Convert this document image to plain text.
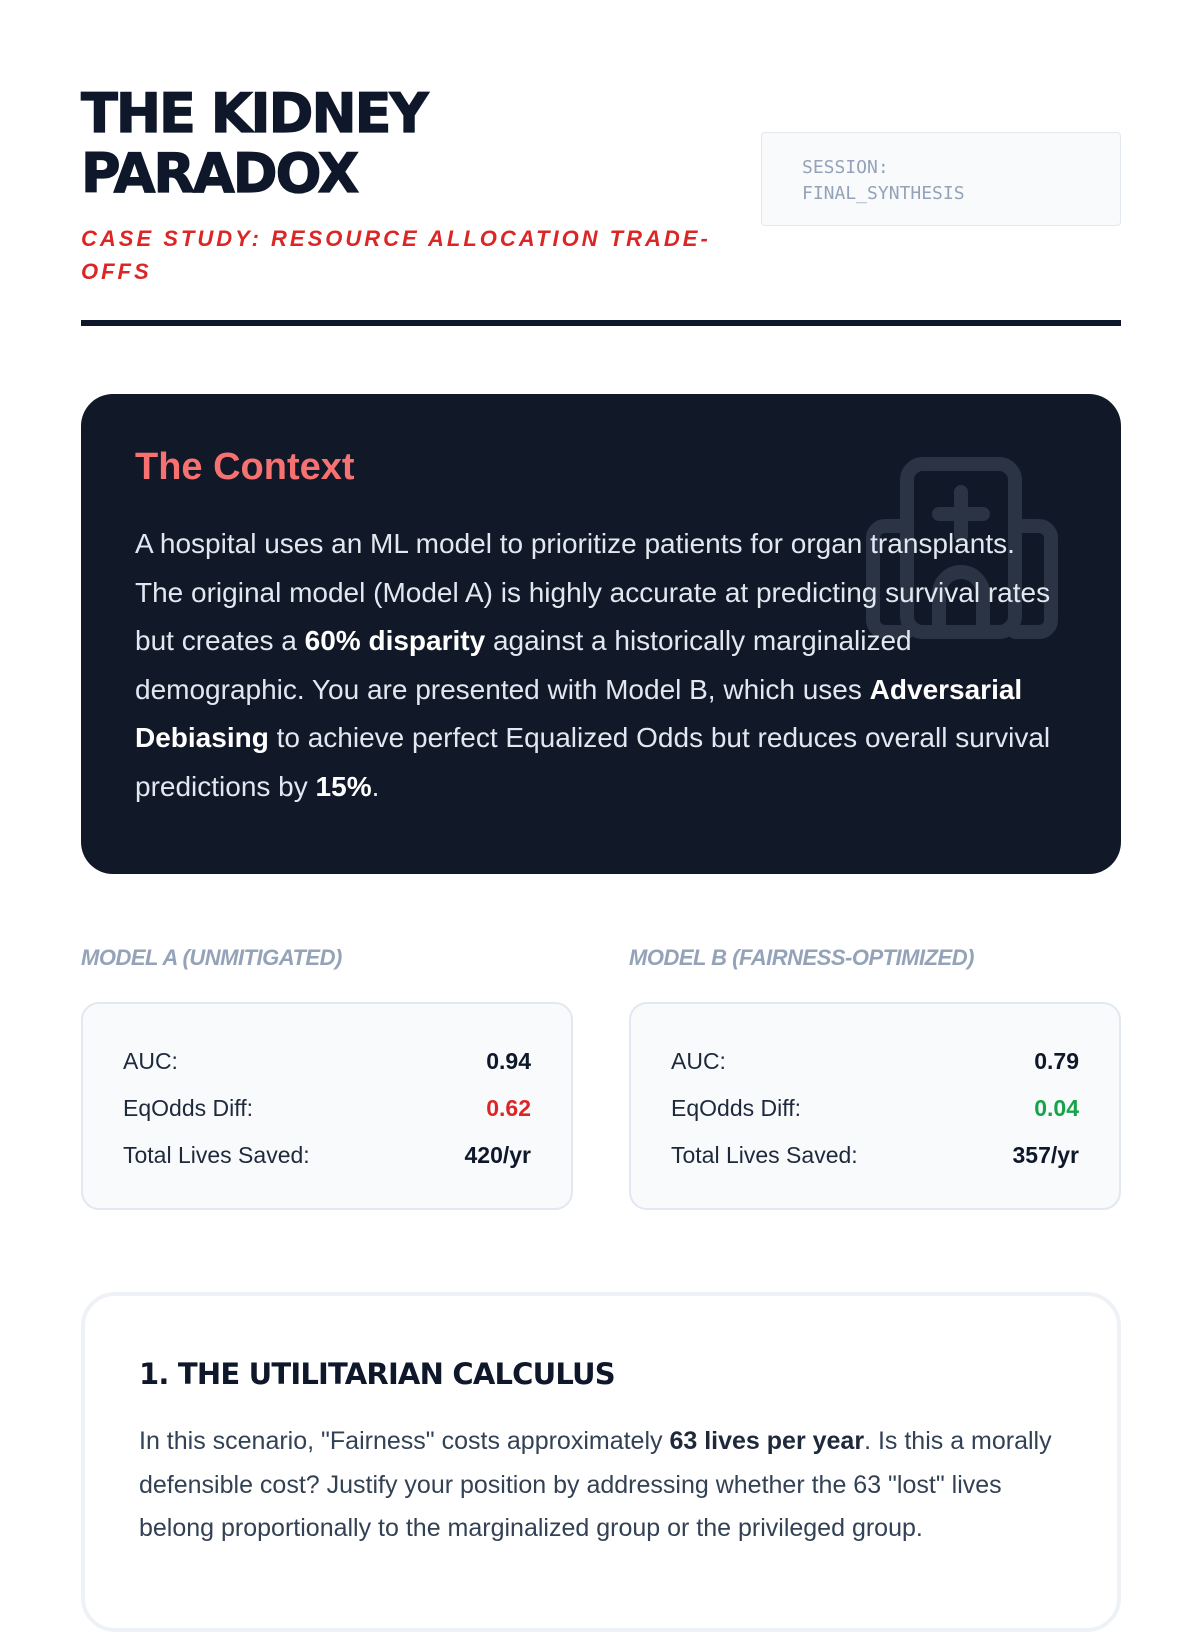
THE KIDNEY
PARADOX
CASE STUDY: RESOURCE ALLOCATION TRADE-OFFS
SESSION:
FINAL_SYNTHESIS
The Context

A hospital uses an ML model to prioritize patients for organ transplants. The original model (Model A) is highly accurate at predicting survival rates but creates a 60% disparity against a historically marginalized demographic. You are presented with Model B, which uses Adversarial Debiasing to achieve perfect Equalized Odds but reduces overall survival predictions by 15%.

MODEL A (UNMITIGATED)
AUC:	0.94
EqOdds Diff:	0.62
Total Lives Saved:	420/yr
MODEL B (FAIRNESS-OPTIMIZED)
AUC:	0.79
EqOdds Diff:	0.04
Total Lives Saved:	357/yr
1. THE UTILITARIAN CALCULUS

In this scenario, "Fairness" costs approximately 63 lives per year. Is this a morally defensible cost? Justify your position by addressing whether the 63 "lost" lives belong proportionally to the marginalized group or the privileged group.
